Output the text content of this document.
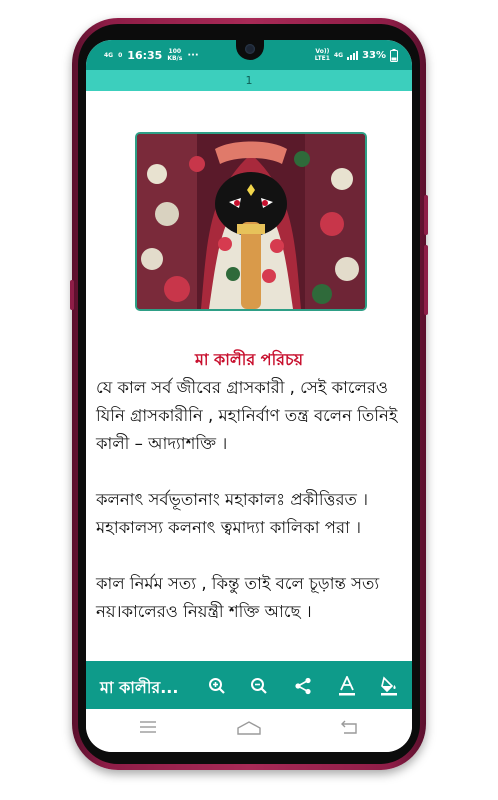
4G 0 16:35 100
KB/s ···	Vo))
LTE1 4G 33%
1
মা কালীর পরিচয়

যে কাল সর্ব জীবের গ্রাসকারী , সেই কালেরও যিনি গ্রাসকারীনি , মহানির্বাণ তন্ত্র বলেন তিনিই কালী – আদ্যাশক্তি ।

কলনাৎ সর্বভূতানাং মহাকালঃ প্রকীত্তিরত ।

মহাকালস্য কলনাৎ ত্বমাদ্যা কালিকা পরা ।

কাল নির্মম সত্য , কিন্তু তাই বলে চূড়ান্ত সত্য নয়।কালেরও নিয়ন্ত্রী শক্তি আছে ।

মা কালীর...
